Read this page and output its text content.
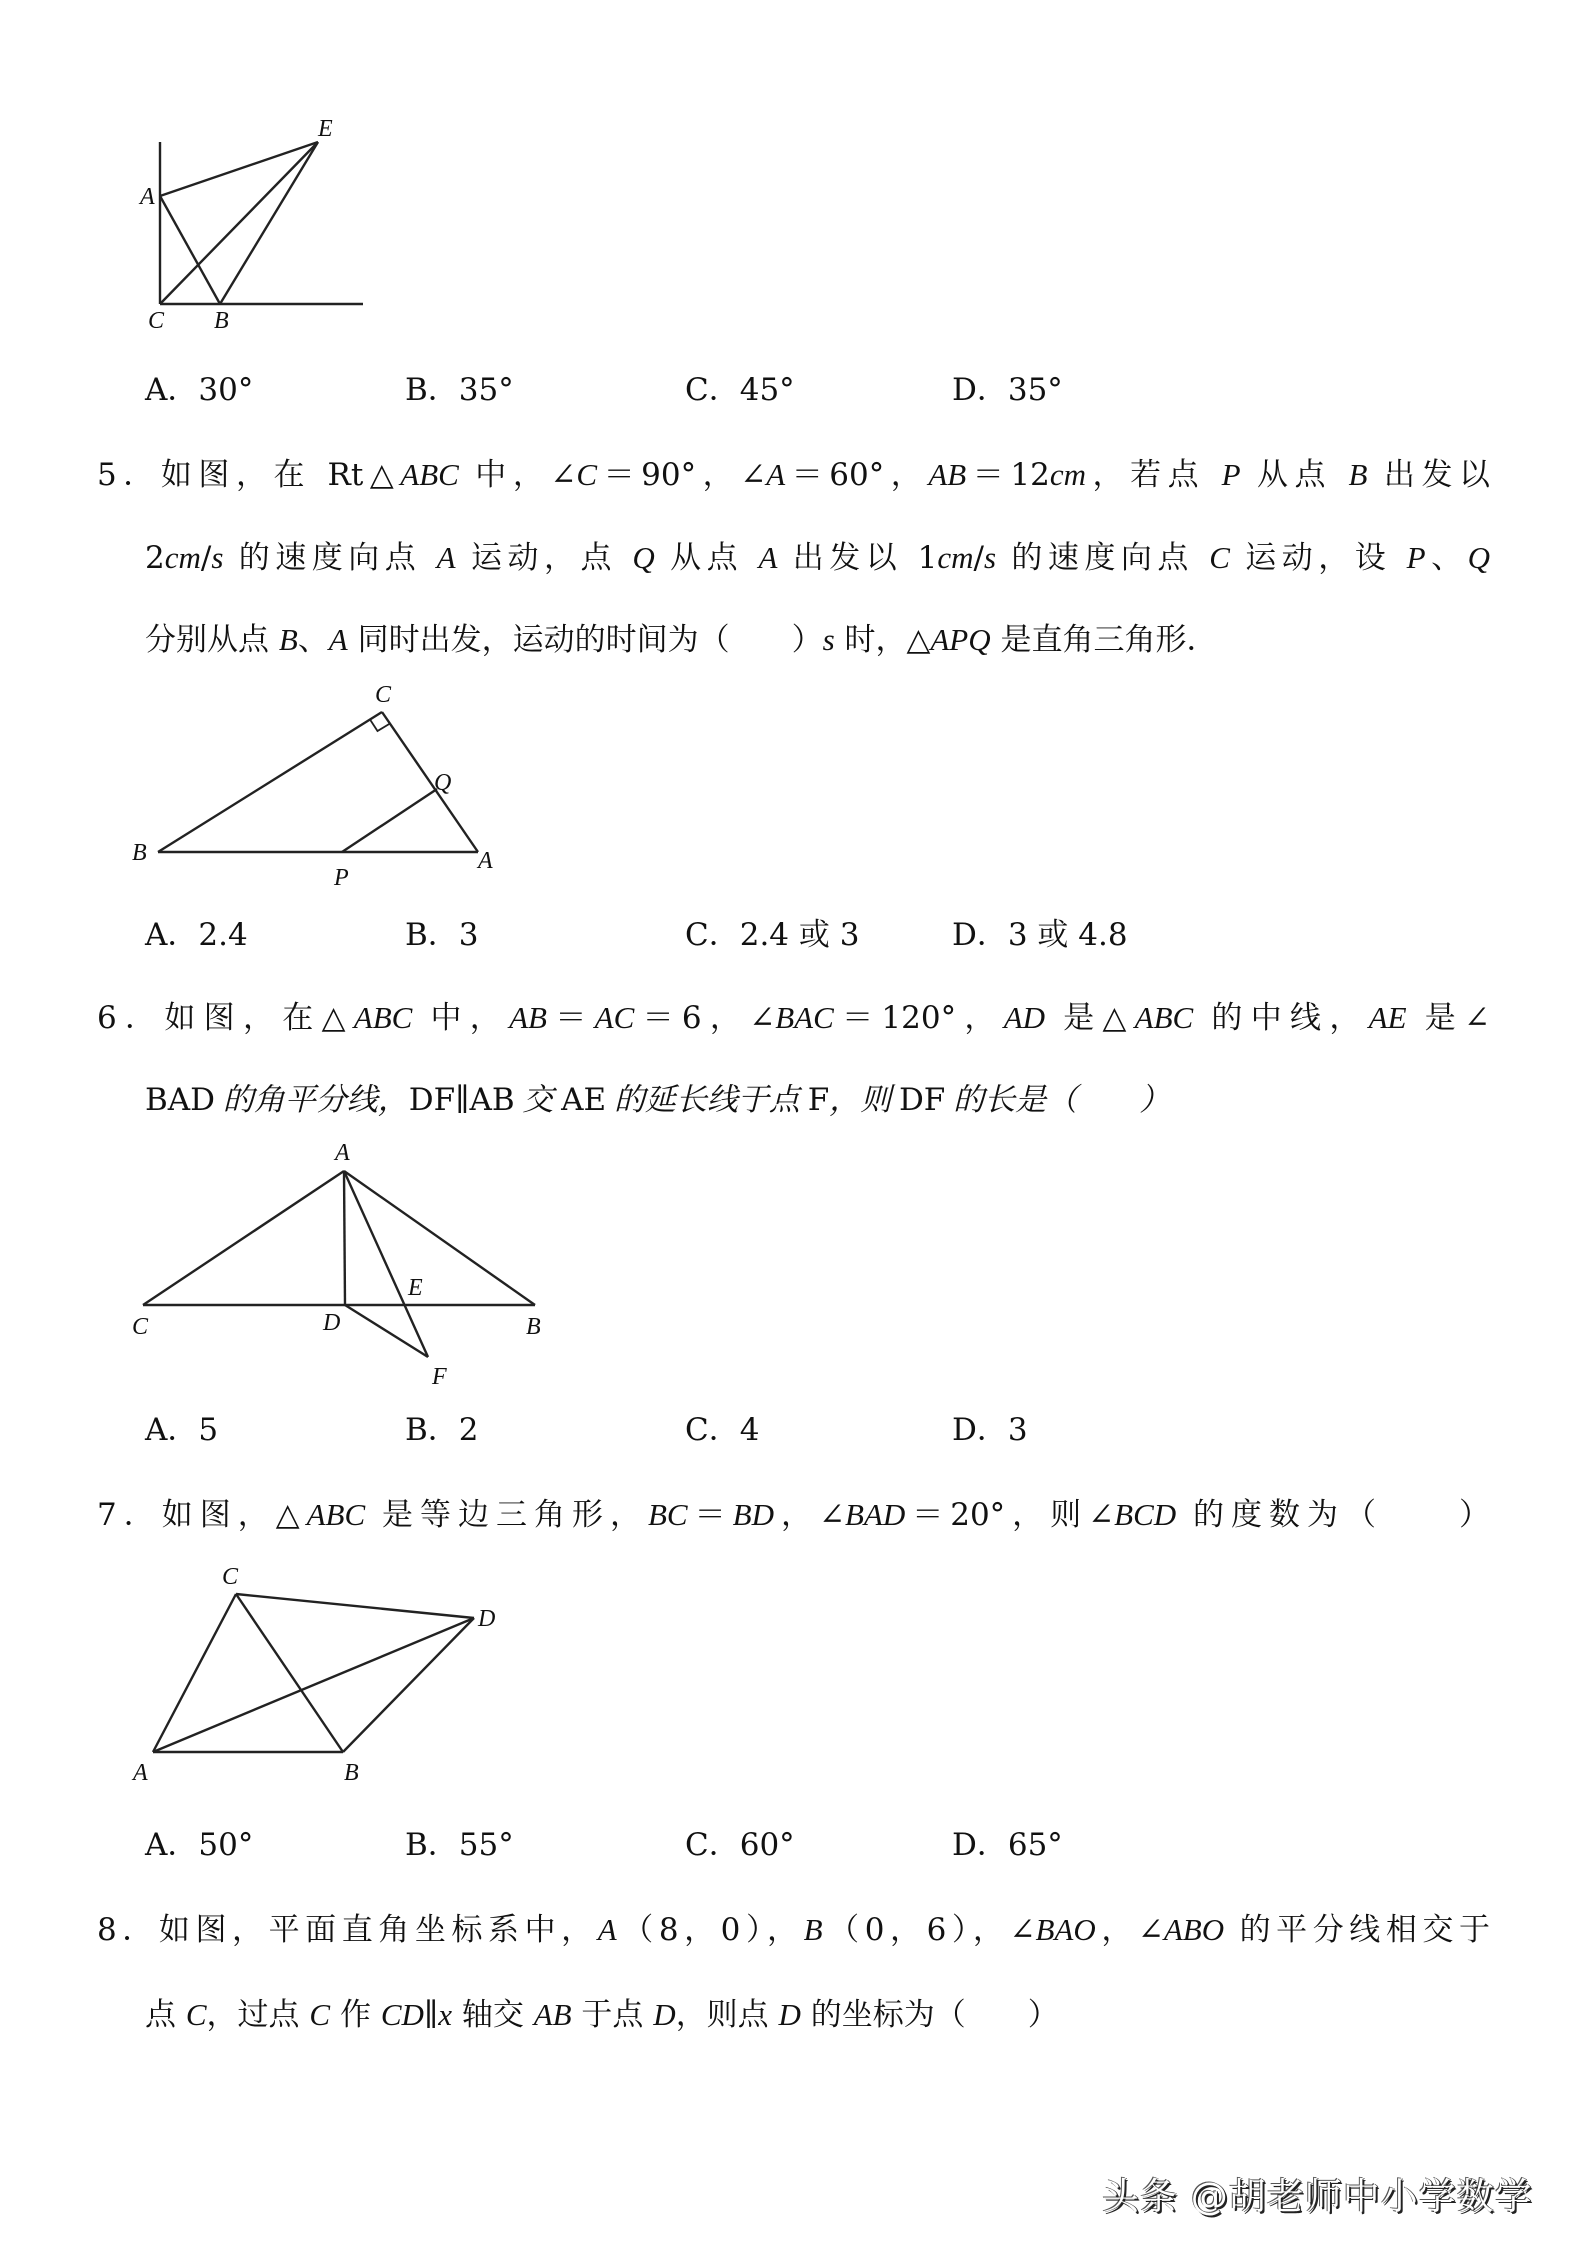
A
C B
E
B
C
Q
P
A
A
C	D
E
B
F
C
D
A	B
A．30°	B．35°	C．45°	D．35°
5．如图，在 Rt△ABC 中，∠C＝90°，∠A＝60°，AB＝12cm，若点 P 从点 B 出发以
2cm/s 的速度向点 A 运动，点 Q 从点 A 出发以 1cm/s 的速度向点 C 运动，设 P、Q
分别从点 B、A 同时出发，运动的时间为（　　）s 时，△APQ 是直角三角形．
A．2.4	B．3	C．2.4 或 3	D．3 或 4.8
6．如图，在△ABC 中，AB＝AC＝6，∠BAC＝120°，AD 是△ABC 的中线，AE 是∠
BAD 的角平分线，DF∥AB 交 AE 的延长线于点 F，则 DF 的长是（　　）
A．5	B．2	C．4	D．3
7．如图，△ABC 是等边三角形，BC＝BD，∠BAD＝20°，则∠BCD 的度数为（　　）
A．50°	B．55°	C．60°	D．65°
8．如图，平面直角坐标系中，A（8，0），B（0，6），∠BAO，∠ABO 的平分线相交于
点 C，过点 C 作 CD∥x 轴交 AB 于点 D，则点 D 的坐标为（　　）
头条 @胡老师中小学数学
